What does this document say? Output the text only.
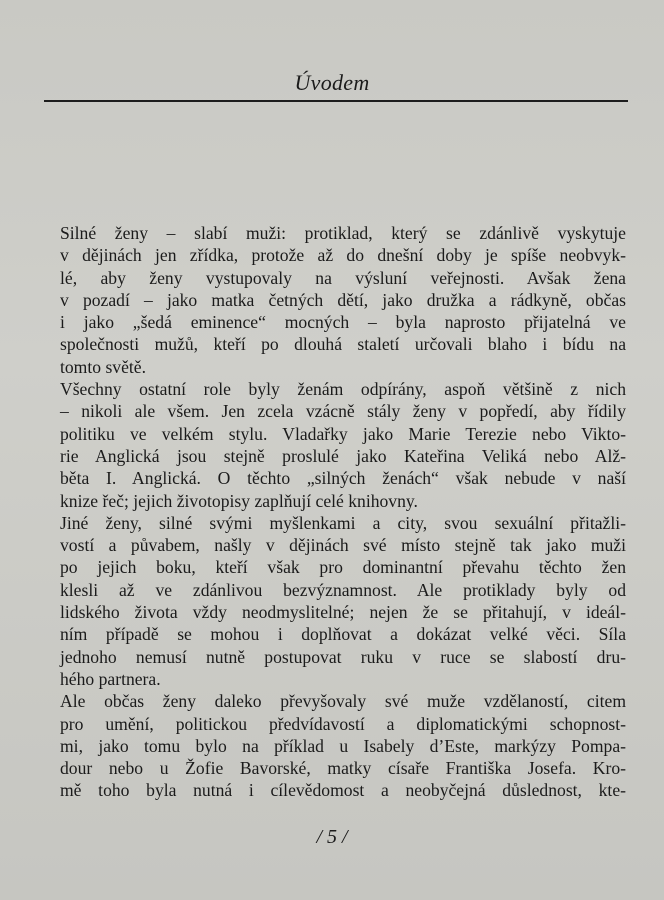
Úvodem

Silné ženy – slabí muži: protiklad, který se zdánlivě vyskytuje
v dějinách jen zřídka, protože až do dnešní doby je spíše neobvyk-
lé, aby ženy vystupovaly na výsluní veřejnosti. Avšak žena
v pozadí – jako matka četných dětí, jako družka a rádkyně, občas
i jako „šedá eminence“ mocných – byla naprosto přijatelná ve
společnosti mužů, kteří po dlouhá staletí určovali blaho i bídu na
tomto světě.

Všechny ostatní role byly ženám odpírány, aspoň většině z nich
– nikoli ale všem. Jen zcela vzácně stály ženy v popředí, aby řídily
politiku ve velkém stylu. Vladařky jako Marie Terezie nebo Vikto-
rie Anglická jsou stejně proslulé jako Kateřina Veliká nebo Alž-
běta I. Anglická. O těchto „silných ženách“ však nebude v naší
knize řeč; jejich životopisy zaplňují celé knihovny.

Jiné ženy, silné svými myšlenkami a city, svou sexuální přitažli-
vostí a půvabem, našly v dějinách své místo stejně tak jako muži
po jejich boku, kteří však pro dominantní převahu těchto žen
klesli až ve zdánlivou bezvýznamnost. Ale protiklady byly od
lidského života vždy neodmyslitelné; nejen že se přitahují, v ideál-
ním případě se mohou i doplňovat a dokázat velké věci. Síla
jednoho nemusí nutně postupovat ruku v ruce se slabostí dru-
hého partnera.

Ale občas ženy daleko převyšovaly své muže vzdělaností, citem
pro umění, politickou předvídavostí a diplomatickými schopnost-
mi, jako tomu bylo na příklad u Isabely d’Este, markýzy Pompa-
dour nebo u Žofie Bavorské, matky císaře Františka Josefa. Kro-
mě toho byla nutná i cílevědomost a neobyčejná důslednost, kte-

/ 5 /
